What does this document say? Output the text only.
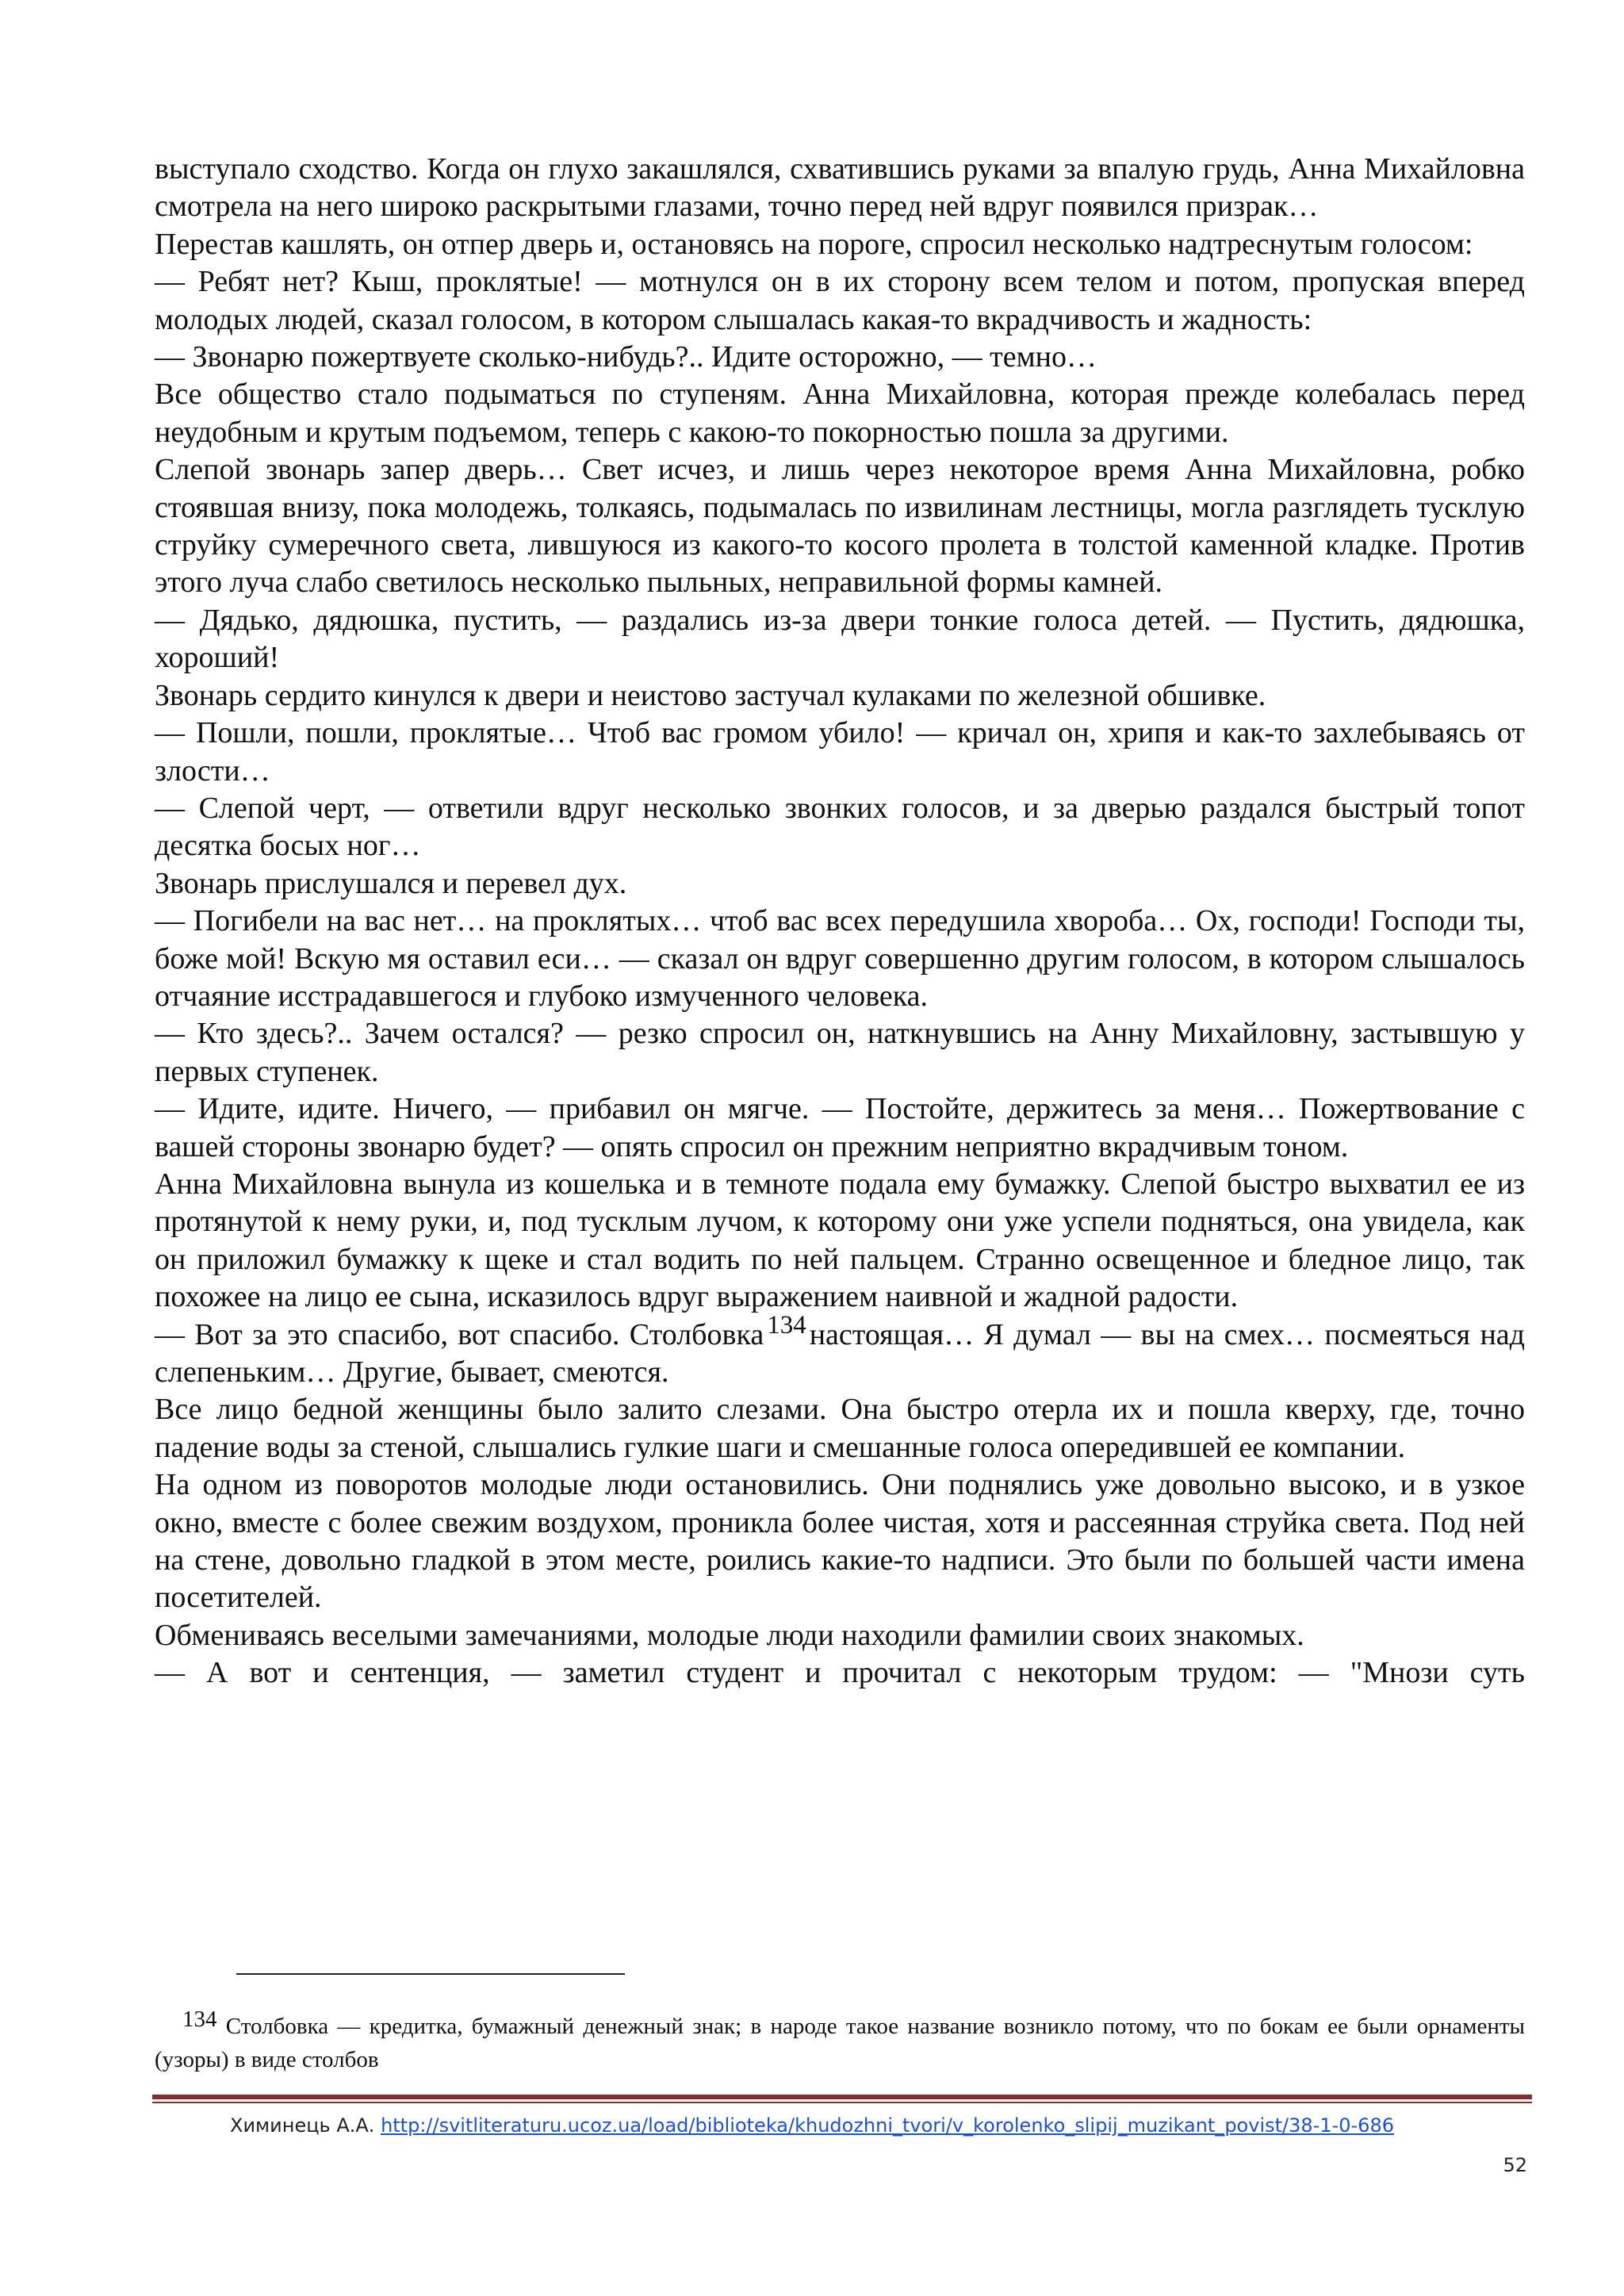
выступало сходство. Когда он глухо закашлялся, схватившись руками за впалую грудь, Анна Михайловна смотрела на него широко раскрытыми глазами, точно перед ней вдруг появился призрак…

Перестав кашлять, он отпер дверь и, остановясь на пороге, спросил несколько надтреснутым голосом:

— Ребят нет? Кыш, проклятые! — мотнулся он в их сторону всем телом и потом, пропуская вперед молодых людей, сказал голосом, в котором слышалась какая-то вкрадчивость и жадность:

— Звонарю пожертвуете сколько-нибудь?.. Идите осторожно, — темно…

Все общество стало подыматься по ступеням. Анна Михайловна, которая прежде колебалась перед неудобным и крутым подъемом, теперь с какою-то покорностью пошла за другими.

Слепой звонарь запер дверь… Свет исчез, и лишь через некоторое время Анна Михайловна, робко стоявшая внизу, пока молодежь, толкаясь, подымалась по извилинам лестницы, могла разглядеть тусклую струйку сумеречного света, лившуюся из какого-то косого пролета в толстой каменной кладке. Против этого луча слабо светилось несколько пыльных, неправильной формы камней.

— Дядько, дядюшка, пустить, — раздались из-за двери тонкие голоса детей. — Пустить, дядюшка, хороший!

Звонарь сердито кинулся к двери и неистово застучал кулаками по железной обшивке.

— Пошли, пошли, проклятые… Чтоб вас громом убило! — кричал он, хрипя и как-то захлебываясь от злости…

— Слепой черт, — ответили вдруг несколько звонких голосов, и за дверью раздался быстрый топот десятка босых ног…

Звонарь прислушался и перевел дух.

— Погибели на вас нет… на проклятых… чтоб вас всех передушила хвороба… Ох, господи! Господи ты, боже мой! Вскую мя оставил еси… — сказал он вдруг совершенно другим голосом, в котором слышалось отчаяние исстрадавшегося и глубоко измученного человека.

— Кто здесь?.. Зачем остался? — резко спросил он, наткнувшись на Анну Михайловну, застывшую у первых ступенек.

— Идите, идите. Ничего, — прибавил он мягче. — Постойте, держитесь за меня… Пожертвование с вашей стороны звонарю будет? — опять спросил он прежним неприятно вкрадчивым тоном.

Анна Михайловна вынула из кошелька и в темноте подала ему бумажку. Слепой быстро выхватил ее из протянутой к нему руки, и, под тусклым лучом, к которому они уже успели подняться, она увидела, как он приложил бумажку к щеке и стал водить по ней пальцем. Странно освещенное и бледное лицо, так похожее на лицо ее сына, исказилось вдруг выражением наивной и жадной радости.

— Вот за это спасибо, вот спасибо. Столбовка 134 настоящая… Я думал — вы на смех… посмеяться над слепеньким… Другие, бывает, смеются.

Все лицо бедной женщины было залито слезами. Она быстро отерла их и пошла кверху, где, точно падение воды за стеной, слышались гулкие шаги и смешанные голоса опередившей ее компании.

На одном из поворотов молодые люди остановились. Они поднялись уже довольно высоко, и в узкое окно, вместе с более свежим воздухом, проникла более чистая, хотя и рассеянная струйка света. Под ней на стене, довольно гладкой в этом месте, роились какие-то надписи. Это были по большей части имена посетителей.

Обмениваясь веселыми замечаниями, молодые люди находили фамилии своих знакомых.

— А вот и сентенция, — заметил студент и прочитал с некоторым трудом: — "Мнози суть

134 Столбовка — кредитка, бумажный денежный знак; в народе такое название возникло потому, что по бокам ее были орнаменты (узоры) в виде столбов
Химинець А.А. http://svitliteraturu.ucoz.ua/load/biblioteka/khudozhni_tvori/v_korolenko_slipij_muzikant_povist/38-1-0-686
52
